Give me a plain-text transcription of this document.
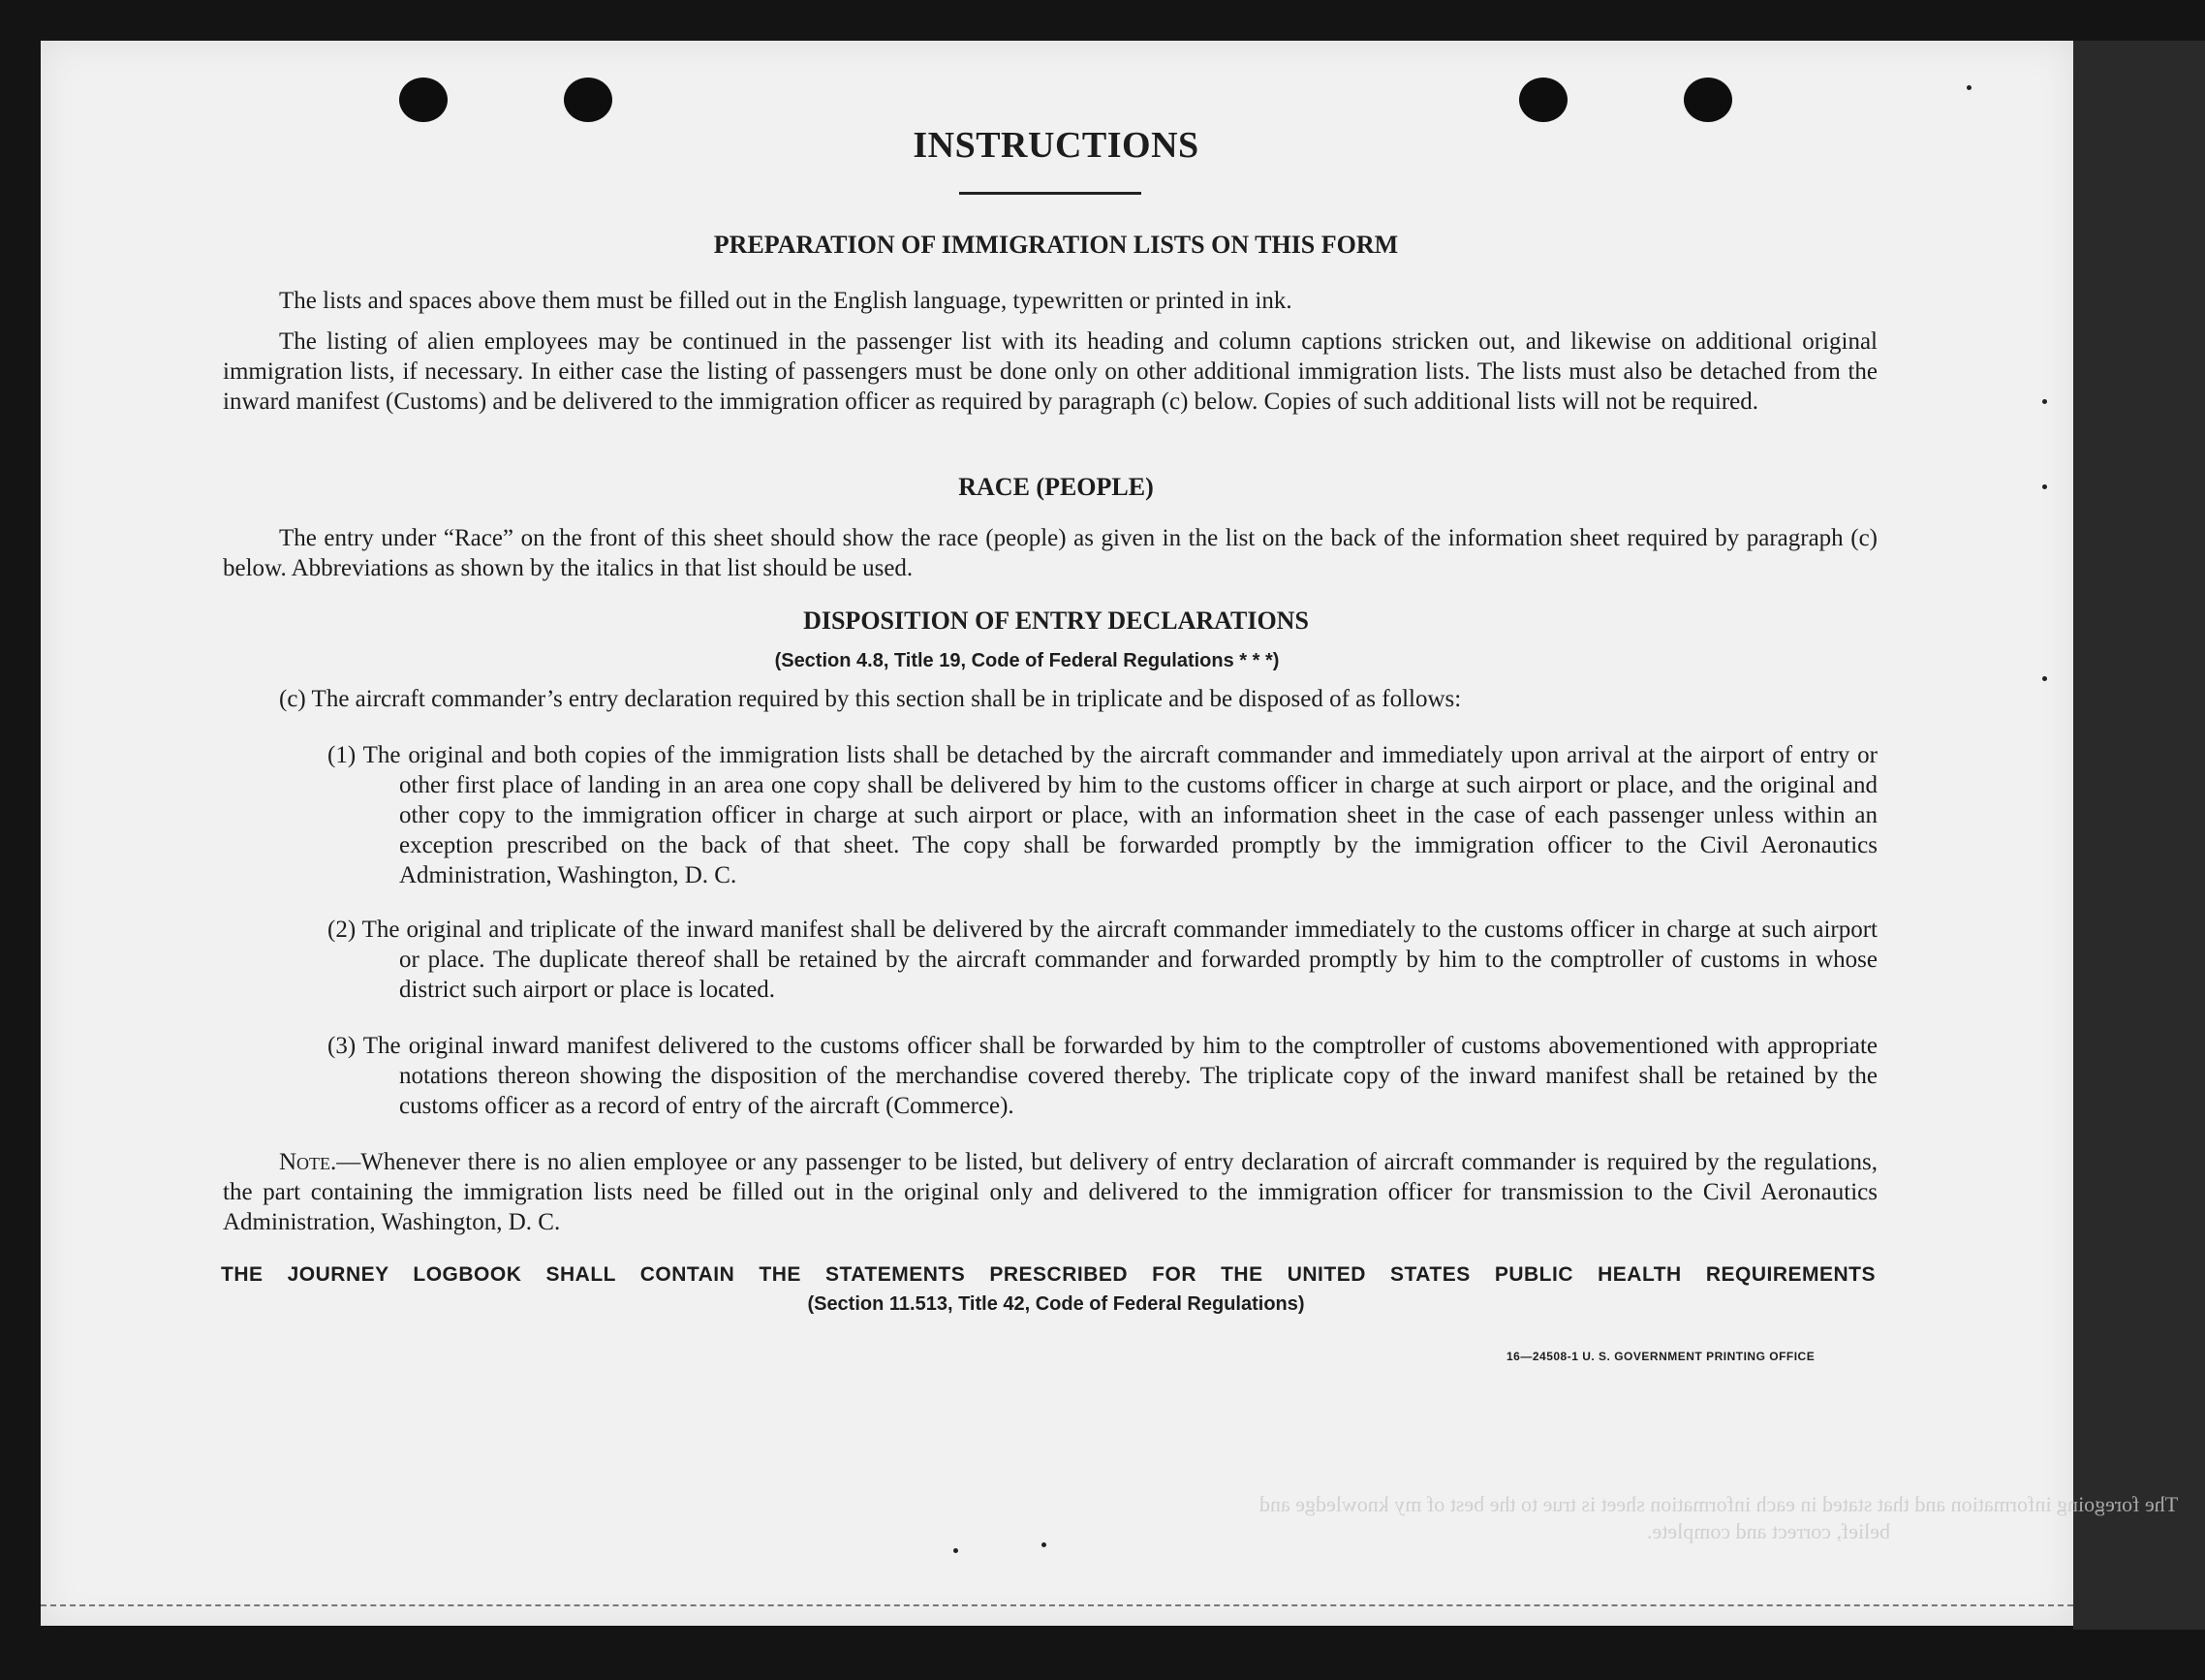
INSTRUCTIONS
PREPARATION OF IMMIGRATION LISTS ON THIS FORM
The lists and spaces above them must be filled out in the English language, typewritten or printed in ink.
The listing of alien employees may be continued in the passenger list with its heading and column captions stricken out, and likewise on additional original immigration lists, if necessary. In either case the listing of passengers must be done only on other additional immigration lists. The lists must also be detached from the inward manifest (Customs) and be delivered to the immigration officer as required by paragraph (c) below. Copies of such additional lists will not be required.
RACE (PEOPLE)
The entry under “Race” on the front of this sheet should show the race (people) as given in the list on the back of the information sheet required by paragraph (c) below. Abbreviations as shown by the italics in that list should be used.
DISPOSITION OF ENTRY DECLARATIONS
(Section 4.8, Title 19, Code of Federal Regulations * * *)
(c) The aircraft commander’s entry declaration required by this section shall be in triplicate and be disposed of as follows:
(1) The original and both copies of the immigration lists shall be detached by the aircraft commander and immediately upon arrival at the airport of entry or other first place of landing in an area one copy shall be delivered by him to the customs officer in charge at such airport or place, and the original and other copy to the immigration officer in charge at such airport or place, with an information sheet in the case of each passenger unless within an exception prescribed on the back of that sheet. The copy shall be forwarded promptly by the immigration officer to the Civil Aeronautics Administration, Washington, D. C.
(2) The original and triplicate of the inward manifest shall be delivered by the aircraft commander immediately to the customs officer in charge at such airport or place. The duplicate thereof shall be retained by the aircraft commander and forwarded promptly by him to the comptroller of customs in whose district such airport or place is located.
(3) The original inward manifest delivered to the customs officer shall be forwarded by him to the comptroller of customs abovementioned with appropriate notations thereon showing the disposition of the merchandise covered thereby. The triplicate copy of the inward manifest shall be retained by the customs officer as a record of entry of the aircraft (Commerce).
Note.—Whenever there is no alien employee or any passenger to be listed, but delivery of entry declaration of aircraft commander is required by the regulations, the part containing the immigration lists need be filled out in the original only and delivered to the immigration officer for transmission to the Civil Aeronautics Administration, Washington, D. C.
THE JOURNEY LOGBOOK SHALL CONTAIN THE STATEMENTS PRESCRIBED FOR THE UNITED STATES PUBLIC HEALTH REQUIREMENTS
(Section 11.513, Title 42, Code of Federal Regulations)
16—24508-1 U. S. GOVERNMENT PRINTING OFFICE
The foregoing information and that stated in each information sheet is true to the best of my knowledge and
belief, correct and complete.
